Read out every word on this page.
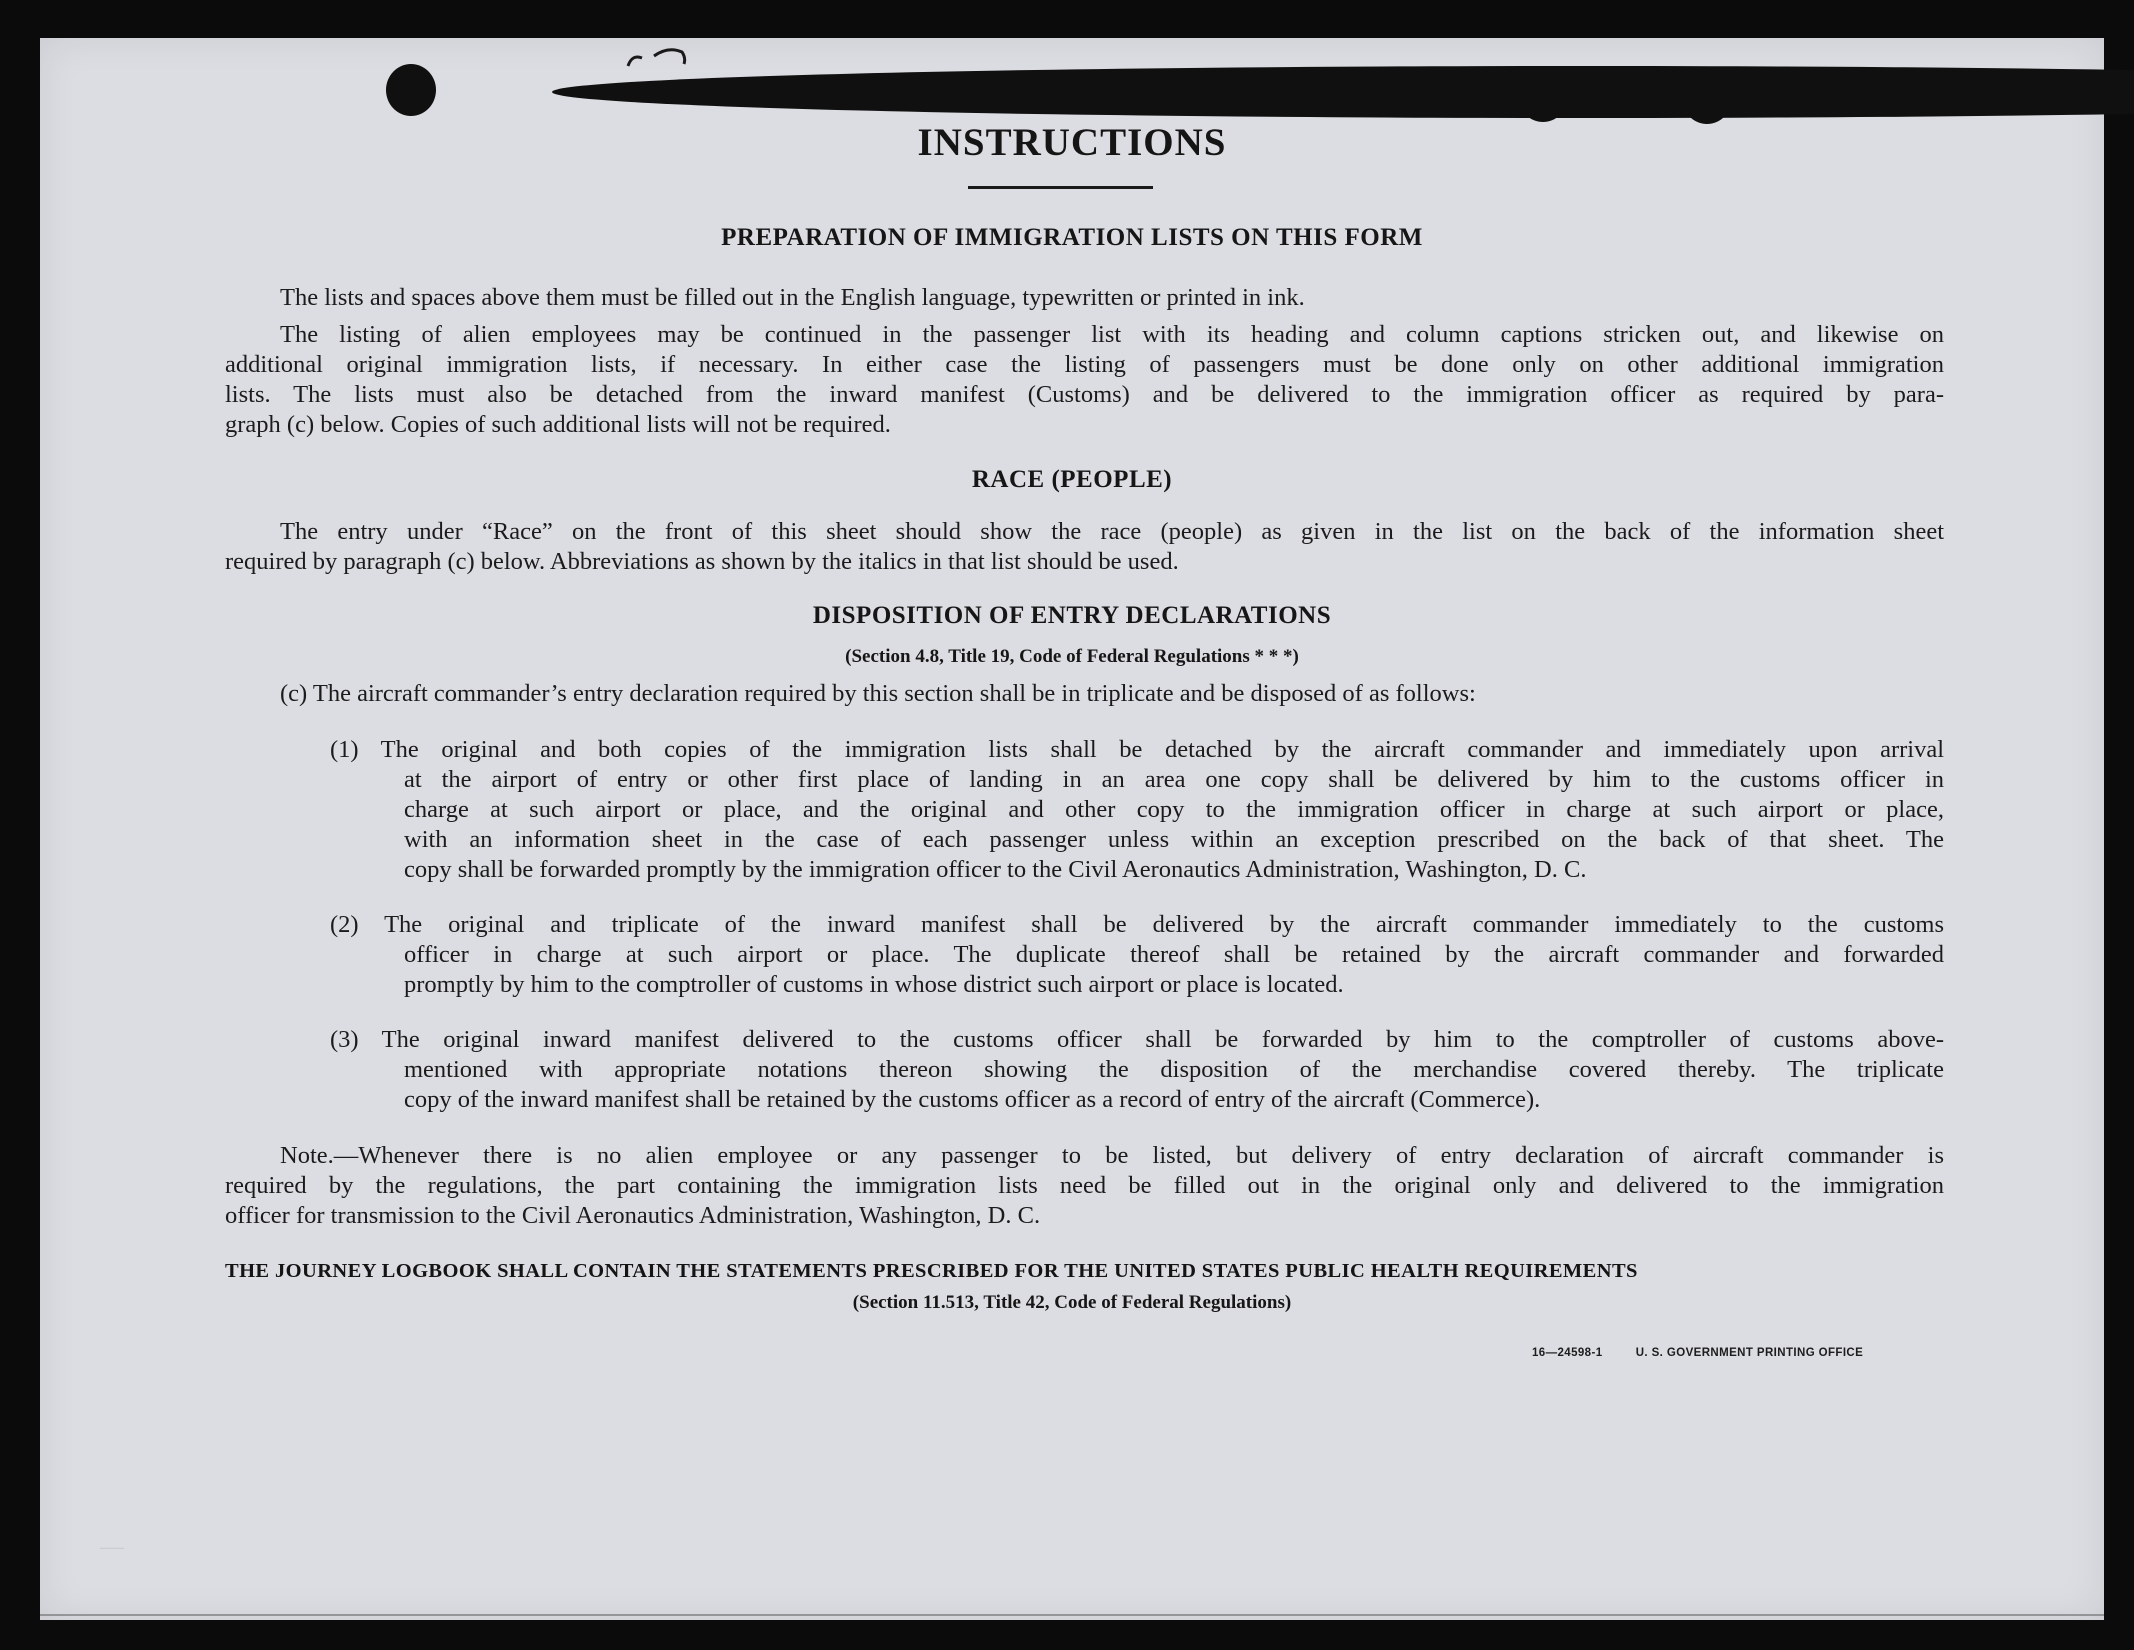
—
INSTRUCTIONS
PREPARATION OF IMMIGRATION LISTS ON THIS FORM
The lists and spaces above them must be filled out in the English language, typewritten or printed in ink.
The listing of alien employees may be continued in the passenger list with its heading and column captions stricken out, and likewise on
additional original immigration lists, if necessary. In either case the listing of passengers must be done only on other additional immigration
lists. The lists must also be detached from the inward manifest (Customs) and be delivered to the immigration officer as required by para-
graph (c) below. Copies of such additional lists will not be required.
RACE (PEOPLE)
The entry under “Race” on the front of this sheet should show the race (people) as given in the list on the back of the information sheet
required by paragraph (c) below. Abbreviations as shown by the italics in that list should be used.
DISPOSITION OF ENTRY DECLARATIONS
(Section 4.8, Title 19, Code of Federal Regulations * * *)
(c) The aircraft commander’s entry declaration required by this section shall be in triplicate and be disposed of as follows:
(1) The original and both copies of the immigration lists shall be detached by the aircraft commander and immediately upon arrival
at the airport of entry or other first place of landing in an area one copy shall be delivered by him to the customs officer in
charge at such airport or place, and the original and other copy to the immigration officer in charge at such airport or place,
with an information sheet in the case of each passenger unless within an exception prescribed on the back of that sheet. The
copy shall be forwarded promptly by the immigration officer to the Civil Aeronautics Administration, Washington, D. C.
(2) The original and triplicate of the inward manifest shall be delivered by the aircraft commander immediately to the customs
officer in charge at such airport or place. The duplicate thereof shall be retained by the aircraft commander and forwarded
promptly by him to the comptroller of customs in whose district such airport or place is located.
(3) The original inward manifest delivered to the customs officer shall be forwarded by him to the comptroller of customs above-
mentioned with appropriate notations thereon showing the disposition of the merchandise covered thereby. The triplicate
copy of the inward manifest shall be retained by the customs officer as a record of entry of the aircraft (Commerce).
Note.—Whenever there is no alien employee or any passenger to be listed, but delivery of entry declaration of aircraft commander is
required by the regulations, the part containing the immigration lists need be filled out in the original only and delivered to the immigration
officer for transmission to the Civil Aeronautics Administration, Washington, D. C.
THE JOURNEY LOGBOOK SHALL CONTAIN THE STATEMENTS PRESCRIBED FOR THE UNITED STATES PUBLIC HEALTH REQUIREMENTS
(Section 11.513, Title 42, Code of Federal Regulations)
16—24598-1	U. S. GOVERNMENT PRINTING OFFICE
